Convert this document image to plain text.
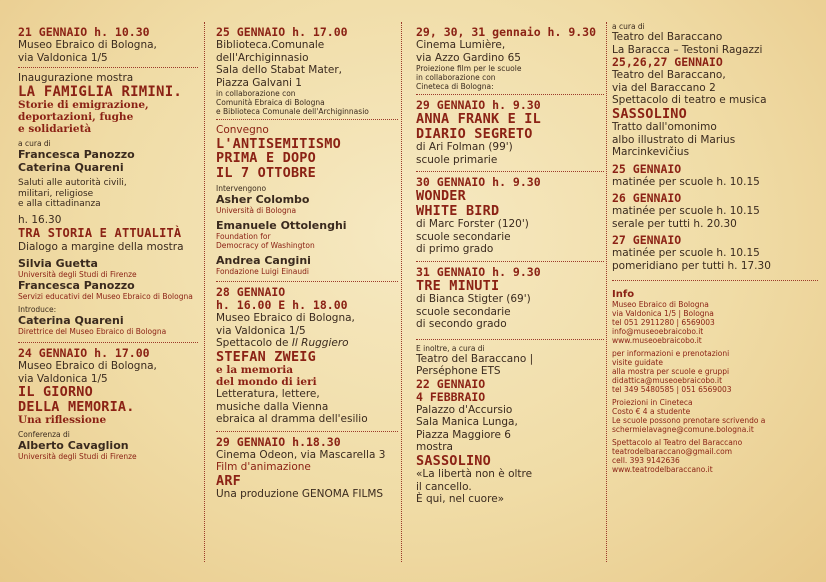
21 GENNAIO h. 10.30
Museo Ebraico di Bologna,
via Valdonica 1/5
Inaugurazione mostra
LA FAMIGLIA RIMINI.
Storie di emigrazione,
deportazioni, fughe
e solidarietà
a cura di
Francesca Panozzo
Caterina Quareni
Saluti alle autorità civili,
militari, religiose
e alla cittadinanza
h. 16.30
TRA STORIA E ATTUALITÀ
Dialogo a margine della mostra
Silvia Guetta
Università degli Studi di Firenze
Francesca Panozzo
Servizi educativi del Museo Ebraico di Bologna
Introduce:
Caterina Quareni
Direttrice del Museo Ebraico di Bologna
24 GENNAIO h. 17.00
Museo Ebraico di Bologna,
via Valdonica 1/5
IL GIORNO
DELLA MEMORIA.
Una riflessione
Conferenza di
Alberto Cavaglion
Università degli Studi di Firenze
25 GENNAIO h. 17.00
Biblioteca.Comunale
dell'Archiginnasio
Sala dello Stabat Mater,
Piazza Galvani 1
in collaborazione con
Comunità Ebraica di Bologna
e Biblioteca Comunale dell'Archiginnasio
Convegno
L'ANTISEMITISMO
PRIMA E DOPO
IL 7 OTTOBRE
Intervengono
Asher Colombo
Università di Bologna
Emanuele Ottolenghi
Foundation for
Democracy of Washington
Andrea Cangini
Fondazione Luigi Einaudi
28 GENNAIO
h. 16.00 E h. 18.00
Museo Ebraico di Bologna,
via Valdonica 1/5
Spettacolo de Il Ruggiero
STEFAN ZWEIG
e la memoria
del mondo di ieri
Letteratura, lettere,
musiche dalla Vienna
ebraica al dramma dell'esilio
29 GENNAIO h.18.30
Cinema Odeon, via Mascarella 3
Film d'animazione
ARF
Una produzione GENOMA FILMS
29, 30, 31 gennaio h. 9.30
Cinema Lumière,
via Azzo Gardino 65
Proiezione film per le scuole
in collaborazione con
Cineteca di Bologna:
29 GENNAIO h. 9.30
ANNA FRANK E IL
DIARIO SEGRETO
di Ari Folman (99')
scuole primarie
30 GENNAIO h. 9.30
WONDER
WHITE BIRD
di Marc Forster (120')
scuole secondarie
di primo grado
31 GENNAIO h. 9.30
TRE MINUTI
di Bianca Stigter (69')
scuole secondarie
di secondo grado
E inoltre, a cura di
Teatro del Baraccano |
Perséphone ETS
22 GENNAIO
4 FEBBRAIO
Palazzo d'Accursio
Sala Manica Lunga,
Piazza Maggiore 6
mostra
SASSOLINO
«La libertà non è oltre
il cancello.
È qui, nel cuore»
a cura di
Teatro del Baraccano
La Baracca – Testoni Ragazzi
25,26,27 GENNAIO
Teatro del Baraccano,
via del Baraccano 2
Spettacolo di teatro e musica
SASSOLINO
Tratto dall'omonimo
albo illustrato di Marius
Marcinkevičius
25 GENNAIO
matinée per scuole h. 10.15
26 GENNAIO
matinée per scuole h. 10.15
serale per tutti h. 20.30
27 GENNAIO
matinée per scuole h. 10.15
pomeridiano per tutti h. 17.30
Info
Museo Ebraico di Bologna
via Valdonica 1/5 | Bologna
tel 051 2911280 | 6569003
info@museoebraicobo.it
www.museoebraicobo.it
per informazioni e prenotazioni
visite guidate
alla mostra per scuole e gruppi
didattica@museoebraicobo.it
tel 349 5480585 | 051 6569003
Proiezioni in Cineteca
Costo € 4 a studente
Le scuole possono prenotare scrivendo a
schermielavagne@comune.bologna.it
Spettacolo al Teatro del Baraccano
teatrodelbaraccano@gmail.com
cell. 393 9142636
www.teatrodelbaraccano.it
